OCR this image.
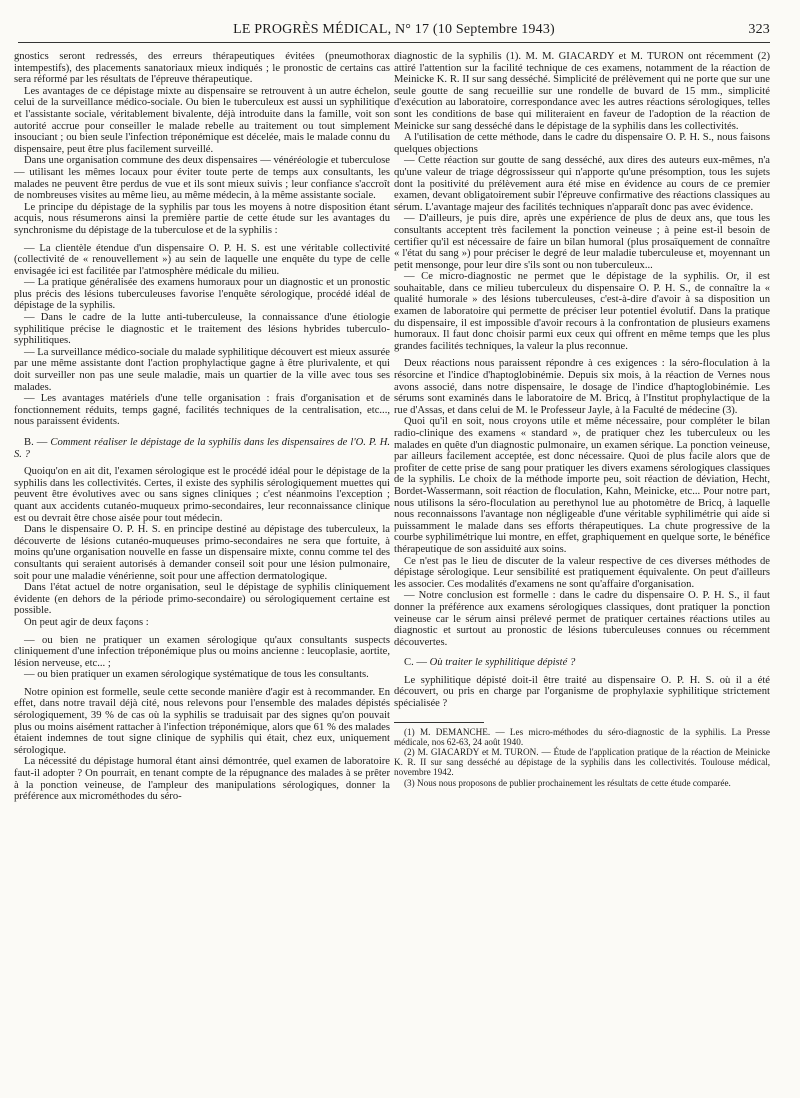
LE PROGRÈS MÉDICAL, N° 17 (10 Septembre 1943)	323

gnostics seront redressés, des erreurs thérapeutiques évitées (pneumothorax intempestifs), des placements sanatoriaux mieux indiqués ; le pronostic de certains cas sera réformé par les résultats de l'épreuve thérapeutique.

Les avantages de ce dépistage mixte au dispensaire se retrouvent à un autre échelon, celui de la surveillance médico-sociale. Ou bien le tuberculeux est aussi un syphilitique et l'assistante sociale, véritablement bivalente, déjà introduite dans la famille, voit son autorité accrue pour conseiller le malade rebelle au traitement ou tout simplement insouciant ; ou bien seule l'infection tréponémique est décelée, mais le malade connu du dispensaire, peut être plus facilement surveillé.

Dans une organisation commune des deux dispensaires — vénéréologie et tuberculose — utilisant les mêmes locaux pour éviter toute perte de temps aux consultants, les malades ne peuvent être perdus de vue et ils sont mieux suivis ; leur confiance s'accroît de nombreuses visites au même lieu, au même médecin, à la même assistante sociale.

Le principe du dépistage de la syphilis par tous les moyens à notre disposition étant acquis, nous résumerons ainsi la première partie de cette étude sur les avantages du synchronisme du dépistage de la tuberculose et de la syphilis :

— La clientèle étendue d'un dispensaire O. P. H. S. est une véritable collectivité (collectivité de « renouvellement ») au sein de laquelle une enquête du type de celle envisagée ici est facilitée par l'atmosphère médicale du milieu.

— La pratique généralisée des examens humoraux pour un diagnostic et un pronostic plus précis des lésions tuberculeuses favorise l'enquête sérologique, procédé idéal de dépistage de la syphilis.

— Dans le cadre de la lutte anti-tuberculeuse, la connaissance d'une étiologie syphilitique précise le diagnostic et le traitement des lésions hybrides tuberculo-syphilitiques.

— La surveillance médico-sociale du malade syphilitique découvert est mieux assurée par une même assistante dont l'action prophylactique gagne à être plurivalente, et qui doit surveiller non pas une seule maladie, mais un quartier de la ville avec tous ses malades.

— Les avantages matériels d'une telle organisation : frais d'organisation et de fonctionnement réduits, temps gagné, facilités techniques de la centralisation, etc..., nous paraissent évidents.

B. — Comment réaliser le dépistage de la syphilis dans les dispensaires de l'O. P. H. S. ?

Quoiqu'on en ait dit, l'examen sérologique est le procédé idéal pour le dépistage de la syphilis dans les collectivités. Certes, il existe des syphilis sérologiquement muettes qui peuvent être évolutives avec ou sans signes cliniques ; c'est néanmoins l'exception ; quant aux accidents cutanéo-muqueux primo-secondaires, leur reconnaissance clinique est ou devrait être chose aisée pour tout médecin.

Dans le dispensaire O. P. H. S. en principe destiné au dépistage des tuberculeux, la découverte de lésions cutanéo-muqueuses primo-secondaires ne sera que fortuite, à moins qu'une organisation nouvelle en fasse un dispensaire mixte, connu comme tel des consultants qui seraient autorisés à demander conseil soit pour une lésion pulmonaire, soit pour une maladie vénérienne, soit pour une affection dermatologique.

Dans l'état actuel de notre organisation, seul le dépistage de syphilis cliniquement évidente (en dehors de la période primo-secondaire) ou sérologiquement certaine est possible.

On peut agir de deux façons :

— ou bien ne pratiquer un examen sérologique qu'aux consultants suspects cliniquement d'une infection tréponémique plus ou moins ancienne : leucoplasie, aortite, lésion nerveuse, etc... ;

— ou bien pratiquer un examen sérologique systématique de tous les consultants.

Notre opinion est formelle, seule cette seconde manière d'agir est à recommander. En effet, dans notre travail déjà cité, nous relevons pour l'ensemble des malades dépistés sérologiquement, 39 % de cas où la syphilis se traduisait par des signes qu'on pouvait plus ou moins aisément rattacher à l'infection tréponémique, alors que 61 % des malades étaient indemnes de tout signe clinique de syphilis qui était, chez eux, uniquement sérologique.

La nécessité du dépistage humoral étant ainsi démontrée, quel examen de laboratoire faut-il adopter ? On pourrait, en tenant compte de la répugnance des malades à se prêter à la ponction veineuse, de l'ampleur des manipulations sérologiques, donner la préférence aux microméthodes du séro-

diagnostic de la syphilis (1). M. M. GIACARDY et M. TURON ont récemment (2) attiré l'attention sur la facilité technique de ces examens, notamment de la réaction de Meinicke K. R. II sur sang desséché. Simplicité de prélèvement qui ne porte que sur une seule goutte de sang recueillie sur une rondelle de buvard de 15 mm., simplicité d'exécution au laboratoire, correspondance avec les autres réactions sérologiques, telles sont les conditions de base qui militeraient en faveur de l'adoption de la réaction de Meinicke sur sang desséché dans le dépistage de la syphilis dans les collectivités.

A l'utilisation de cette méthode, dans le cadre du dispensaire O. P. H. S., nous faisons quelques objections

— Cette réaction sur goutte de sang desséché, aux dires des auteurs eux-mêmes, n'a qu'une valeur de triage dégrossisseur qui n'apporte qu'une présomption, tous les sujets dont la positivité du prélèvement aura été mise en évidence au cours de ce premier examen, devant obligatoirement subir l'épreuve confirmative des réactions classiques au sérum. L'avantage majeur des facilités techniques n'apparaît donc pas avec évidence.

— D'ailleurs, je puis dire, après une expérience de plus de deux ans, que tous les consultants acceptent très facilement la ponction veineuse ; à peine est-il besoin de certifier qu'il est nécessaire de faire un bilan humoral (plus prosaïquement de connaître « l'état du sang ») pour préciser le degré de leur maladie tuberculeuse et, moyennant un petit mensonge, pour leur dire s'ils sont ou non tuberculeux...

— Ce micro-diagnostic ne permet que le dépistage de la syphilis. Or, il est souhaitable, dans ce milieu tuberculeux du dispensaire O. P. H. S., de connaître la « qualité humorale » des lésions tuberculeuses, c'est-à-dire d'avoir à sa disposition un examen de laboratoire qui permette de préciser leur potentiel évolutif. Dans la pratique du dispensaire, il est impossible d'avoir recours à la confrontation de plusieurs examens humoraux. Il faut donc choisir parmi eux ceux qui offrent en même temps que les plus grandes facilités techniques, la valeur la plus reconnue.

Deux réactions nous paraissent répondre à ces exigences : la séro-floculation à la résorcine et l'indice d'haptoglobinémie. Depuis six mois, à la réaction de Vernes nous avons associé, dans notre dispensaire, le dosage de l'indice d'haptoglobinémie. Les sérums sont examinés dans le laboratoire de M. Bricq, à l'Institut prophylactique de la rue d'Assas, et dans celui de M. le Professeur Jayle, à la Faculté de médecine (3).

Quoi qu'il en soit, nous croyons utile et même nécessaire, pour compléter le bilan radio-clinique des examens « standard », de pratiquer chez les tuberculeux ou les malades en quête d'un diagnostic pulmonaire, un examen sérique. La ponction veineuse, par ailleurs facilement acceptée, est donc nécessaire. Quoi de plus facile alors que de profiter de cette prise de sang pour pratiquer les divers examens sérologiques classiques de la syphilis. Le choix de la méthode importe peu, soit réaction de déviation, Hecht, Bordet-Wassermann, soit réaction de floculation, Kahn, Meinicke, etc... Pour notre part, nous utilisons la séro-floculation au perethynol lue au photomètre de Bricq, à laquelle nous reconnaissons l'avantage non négligeable d'une véritable syphilimétrie qui aide si puissamment le malade dans ses efforts thérapeutiques. La chute progressive de la courbe syphilimétrique lui montre, en effet, graphiquement en quelque sorte, le bénéfice thérapeutique de son assiduité aux soins.

Ce n'est pas le lieu de discuter de la valeur respective de ces diverses méthodes de dépistage sérologique. Leur sensibilité est pratiquement équivalente. On peut d'ailleurs les associer. Ces modalités d'examens ne sont qu'affaire d'organisation.

— Notre conclusion est formelle : dans le cadre du dispensaire O. P. H. S., il faut donner la préférence aux examens sérologiques classiques, dont pratiquer la ponction veineuse car le sérum ainsi prélevé permet de pratiquer certaines réactions utiles au diagnostic et surtout au pronostic de lésions tuberculeuses connues ou récemment découvertes.

C. — Où traiter le syphilitique dépisté ?

Le syphilitique dépisté doit-il être traité au dispensaire O. P. H. S. où il a été découvert, ou pris en charge par l'organisme de prophylaxie syphilitique strictement spécialisée ?

(1) M. DEMANCHE. — Les micro-méthodes du séro-diagnostic de la syphilis. La Presse médicale, nos 62-63, 24 août 1940.

(2) M. GIACARDY et M. TURON. — Étude de l'application pratique de la réaction de Meinicke K. R. II sur sang desséché au dépistage de la syphilis dans les collectivités. Toulouse médical, novembre 1942.

(3) Nous nous proposons de publier prochainement les résultats de cette étude comparée.
